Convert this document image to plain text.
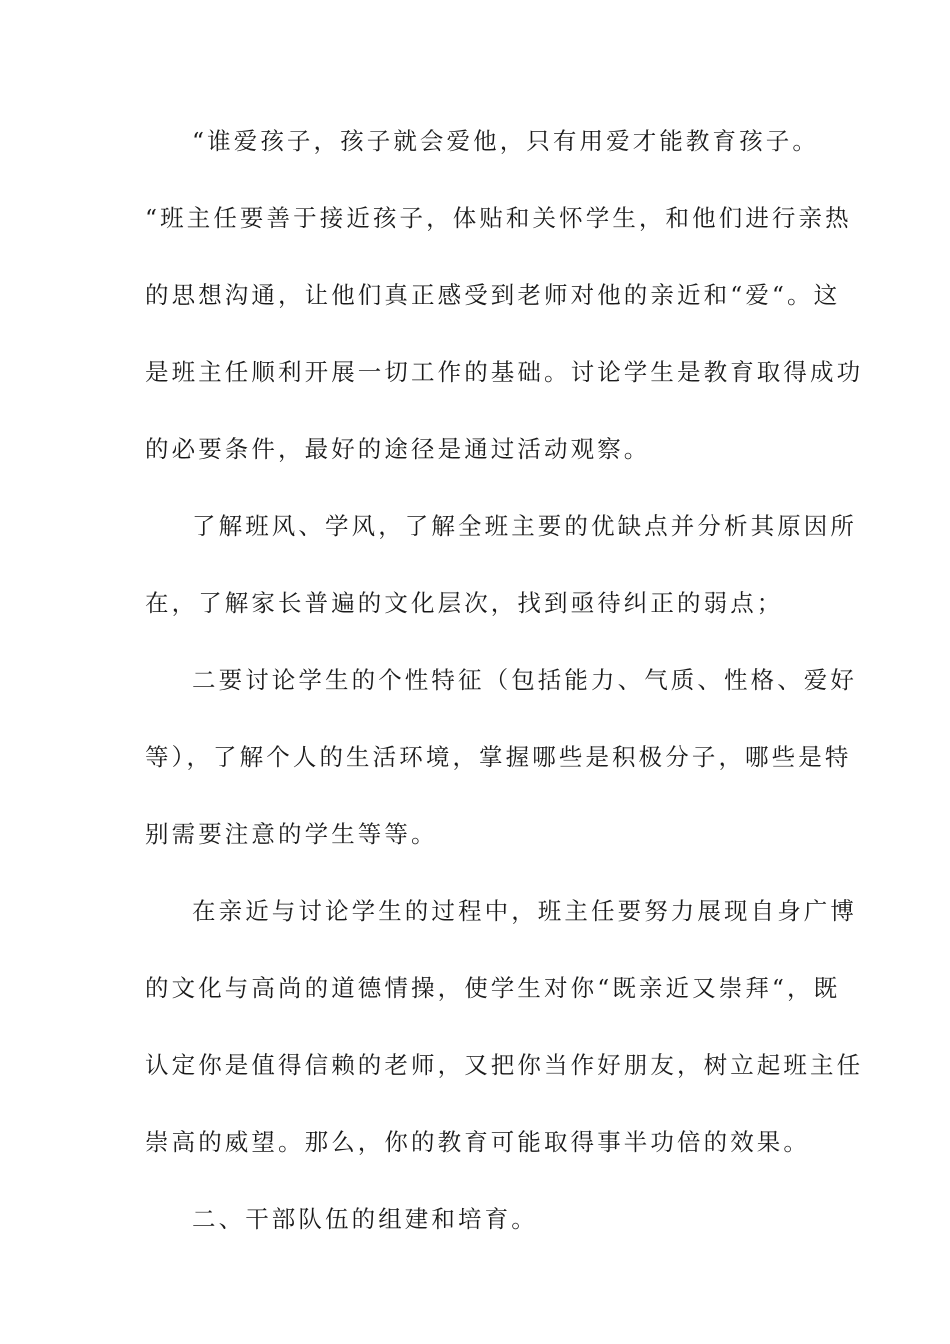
“谁爱孩子，孩子就会爱他，只有用爱才能教育孩子。
“班主任要善于接近孩子，体贴和关怀学生，和他们进行亲热
的思想沟通，让他们真正感受到老师对他的亲近和“爱“。这
是班主任顺利开展一切工作的基础。讨论学生是教育取得成功
的必要条件，最好的途径是通过活动观察。
了解班风、学风，了解全班主要的优缺点并分析其原因所
在，了解家长普遍的文化层次，找到亟待纠正的弱点；
二要讨论学生的个性特征（包括能力、气质、性格、爱好
等），了解个人的生活环境，掌握哪些是积极分子，哪些是特
别需要注意的学生等等。
在亲近与讨论学生的过程中，班主任要努力展现自身广博
的文化与高尚的道德情操，使学生对你“既亲近又崇拜“，既
认定你是值得信赖的老师，又把你当作好朋友，树立起班主任
崇高的威望。那么，你的教育可能取得事半功倍的效果。
二、干部队伍的组建和培育。
